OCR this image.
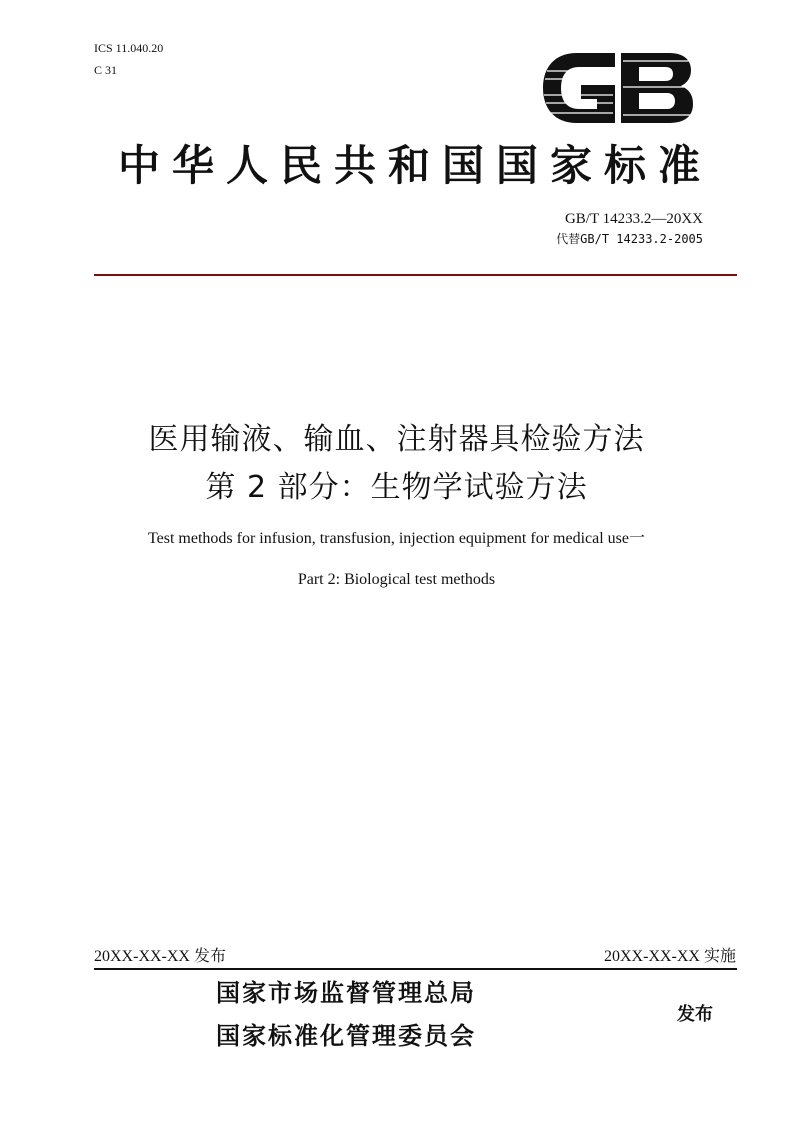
ICS 11.040.20
C 31
GB
中华人民共和国国家标准
GB/T 14233.2—20XX
代替GB/T 14233.2-2005
医用输液、输血、注射器具检验方法
第 2 部分：生物学试验方法
Test methods for infusion, transfusion, injection equipment for medical use一
Part 2: Biological test methods
20XX-XX-XX 发布	20XX-XX-XX 实施
国家市场监督管理总局
国家标准化管理委员会
发布
